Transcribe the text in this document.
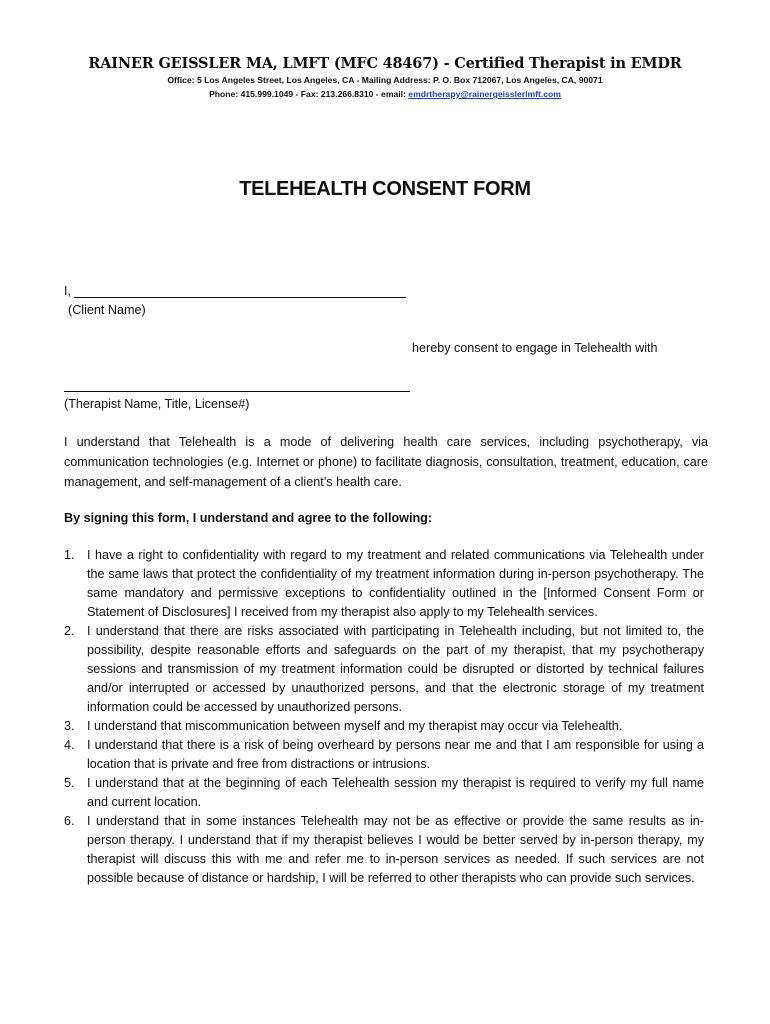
RAINER GEISSLER MA, LMFT (MFC 48467) - Certified Therapist in EMDR
Office: 5 Los Angeles Street, Los Angeles, CA - Mailing Address: P. O. Box 712067, Los Angeles, CA, 90071
Phone: 415.999.1049 - Fax: 213.266.8310 - email: emdrtherapy@rainergeisslerlmft.com
TELEHEALTH CONSENT FORM
I,
(Client Name)
hereby consent to engage in Telehealth with
(Therapist Name, Title, License#)
I understand that Telehealth is a mode of delivering health care services, including psychotherapy, via communication technologies (e.g. Internet or phone) to facilitate diagnosis, consultation, treatment, education, care management, and self-management of a client’s health care.
By signing this form, I understand and agree to the following:
1. I have a right to confidentiality with regard to my treatment and related communications via Telehealth under the same laws that protect the confidentiality of my treatment information during in-person psychotherapy. The same mandatory and permissive exceptions to confidentiality outlined in the [Informed Consent Form or Statement of Disclosures] I received from my therapist also apply to my Telehealth services.
2. I understand that there are risks associated with participating in Telehealth including, but not limited to, the possibility, despite reasonable efforts and safeguards on the part of my therapist, that my psychotherapy sessions and transmission of my treatment information could be disrupted or distorted by technical failures and/or interrupted or accessed by unauthorized persons, and that the electronic storage of my treatment information could be accessed by unauthorized persons.
3. I understand that miscommunication between myself and my therapist may occur via Telehealth.
4. I understand that there is a risk of being overheard by persons near me and that I am responsible for using a location that is private and free from distractions or intrusions.
5. I understand that at the beginning of each Telehealth session my therapist is required to verify my full name and current location.
6. I understand that in some instances Telehealth may not be as effective or provide the same results as in-person therapy. I understand that if my therapist believes I would be better served by in-person therapy, my therapist will discuss this with me and refer me to in-person services as needed. If such services are not possible because of distance or hardship, I will be referred to other therapists who can provide such services.
